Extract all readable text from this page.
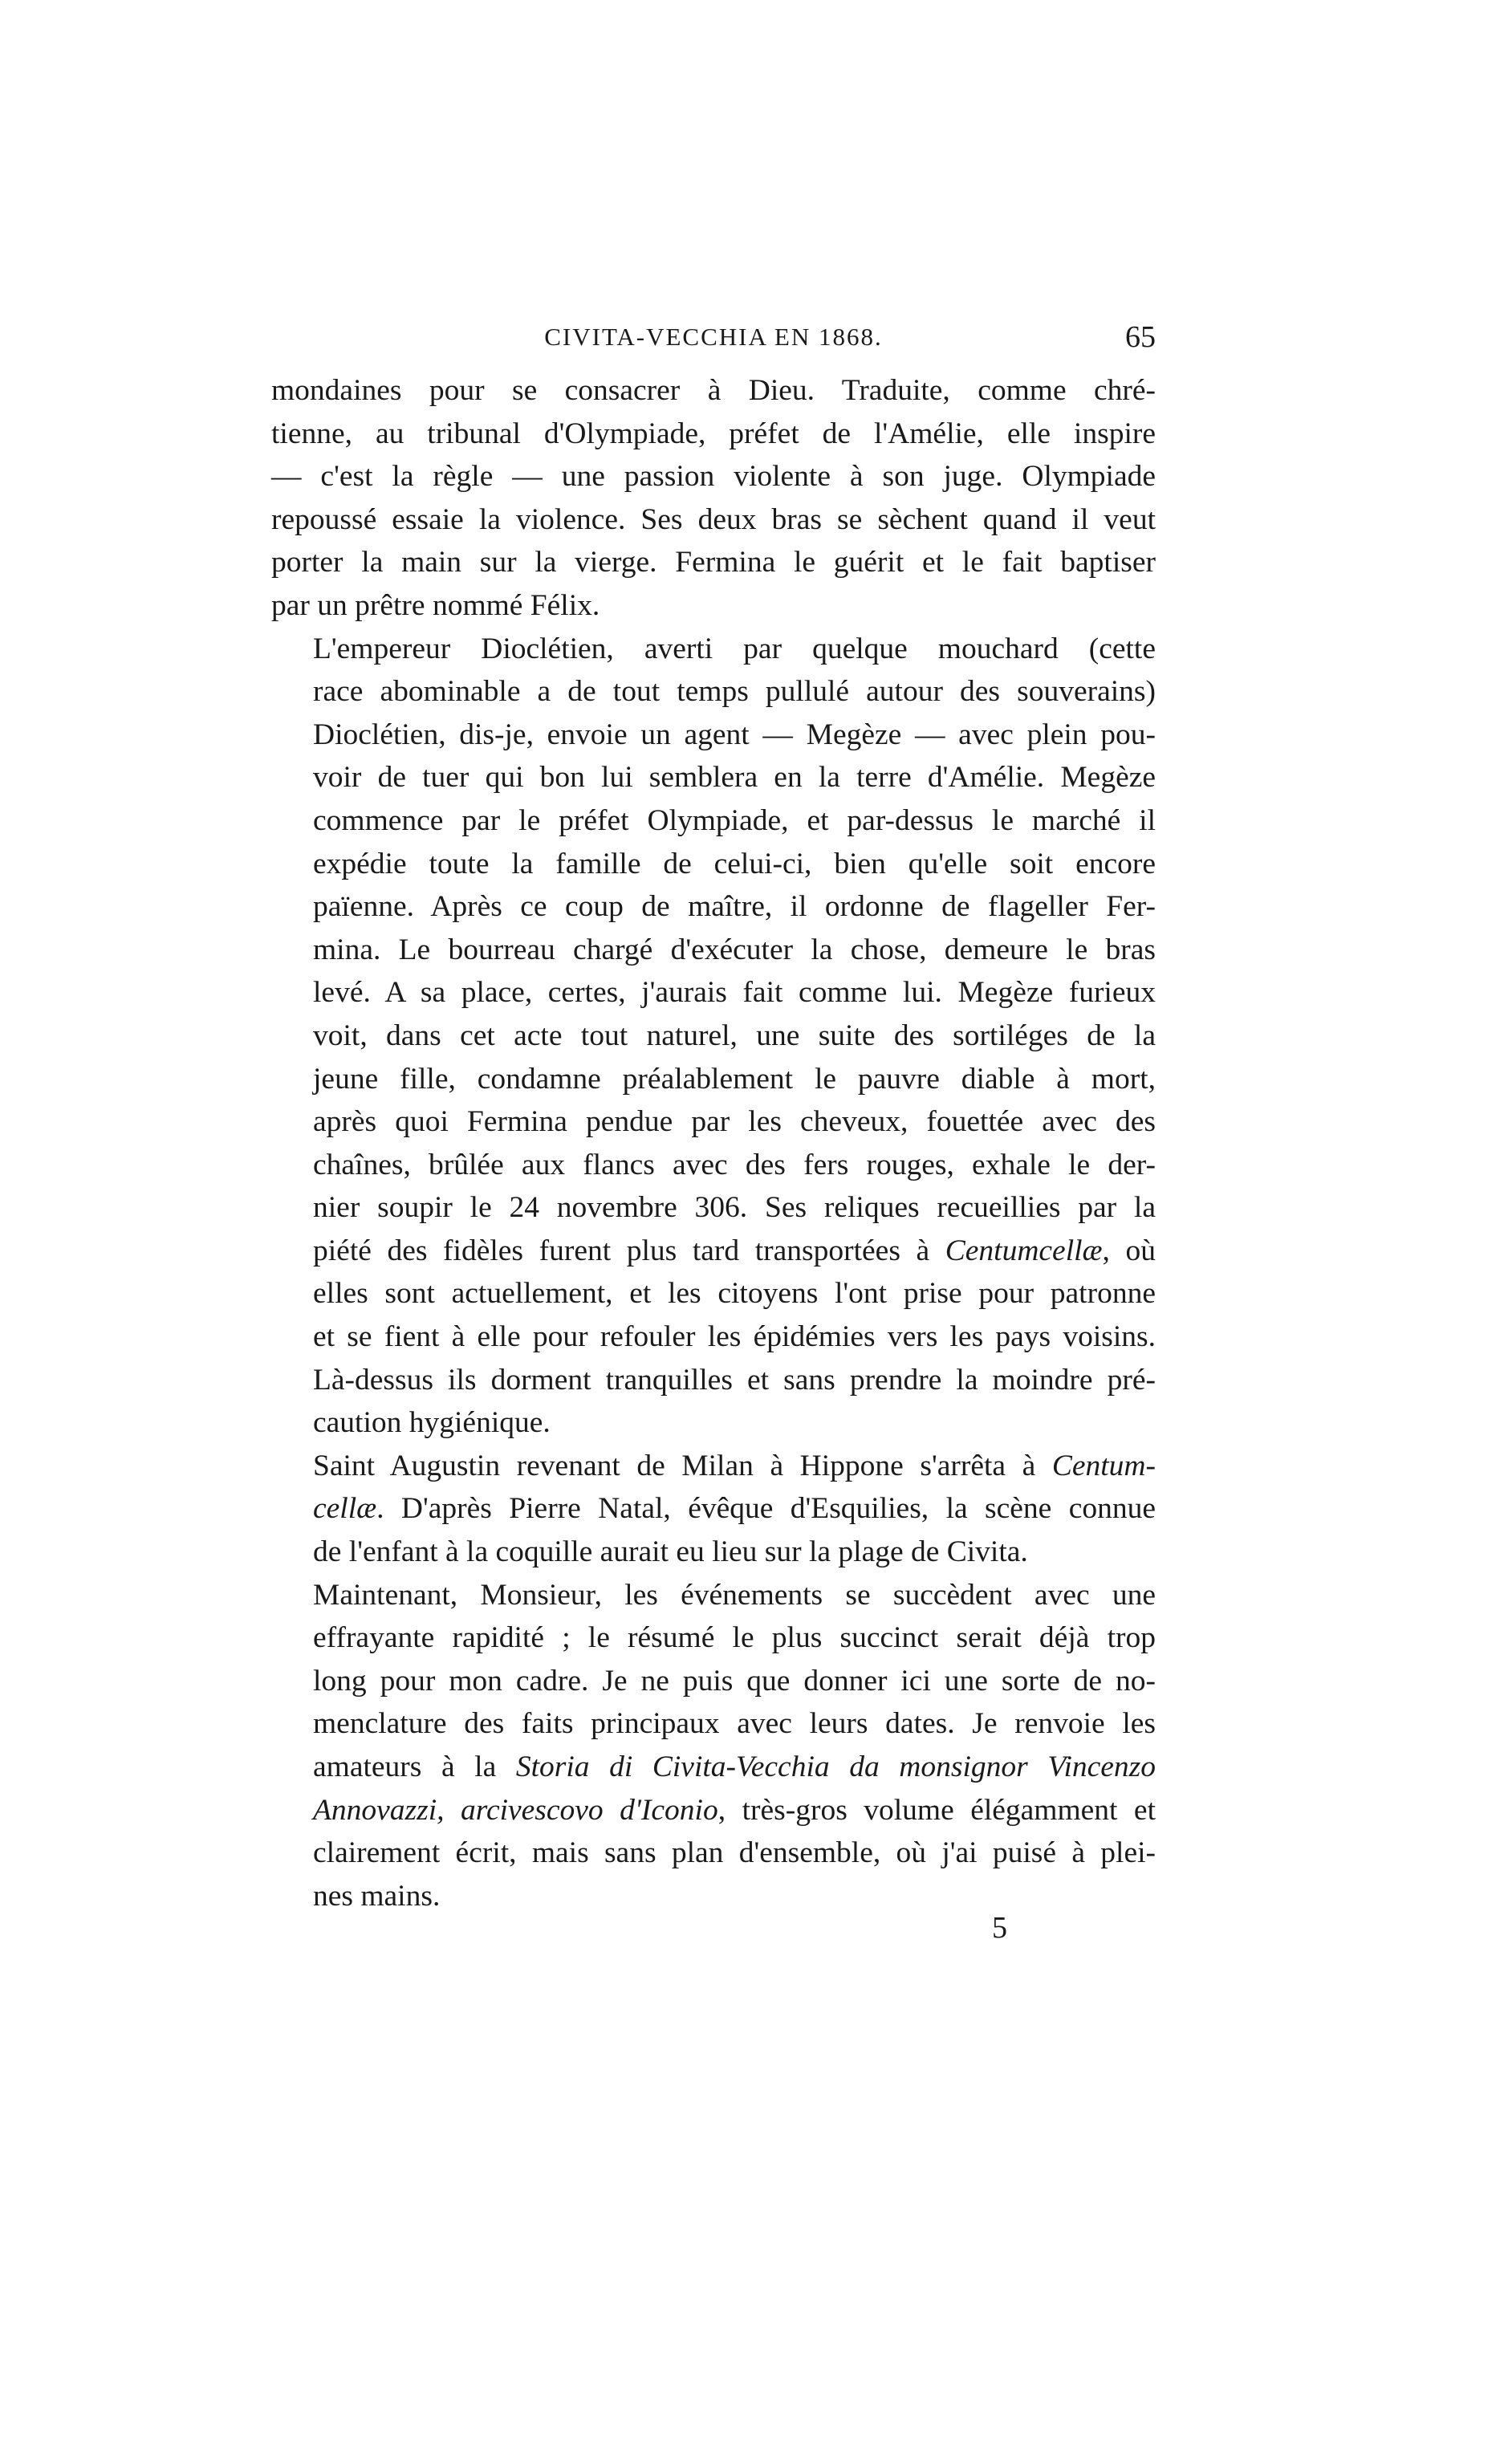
CIVITA-VECCHIA EN 1868.	65

mondaines pour se consacrer à Dieu. Traduite, comme chré-
tienne, au tribunal d'Olympiade, préfet de l'Amélie, elle inspire
— c'est la règle — une passion violente à son juge. Olympiade
repoussé essaie la violence. Ses deux bras se sèchent quand il veut
porter la main sur la vierge. Fermina le guérit et le fait baptiser
par un prêtre nommé Félix.

L'empereur Dioclétien, averti par quelque mouchard (cette
race abominable a de tout temps pullulé autour des souverains)
Dioclétien, dis-je, envoie un agent — Megèze — avec plein pou-
voir de tuer qui bon lui semblera en la terre d'Amélie. Megèze
commence par le préfet Olympiade, et par-dessus le marché il
expédie toute la famille de celui-ci, bien qu'elle soit encore
païenne. Après ce coup de maître, il ordonne de flageller Fer-
mina. Le bourreau chargé d'exécuter la chose, demeure le bras
levé. A sa place, certes, j'aurais fait comme lui. Megèze furieux
voit, dans cet acte tout naturel, une suite des sortiléges de la
jeune fille, condamne préalablement le pauvre diable à mort,
après quoi Fermina pendue par les cheveux, fouettée avec des
chaînes, brûlée aux flancs avec des fers rouges, exhale le der-
nier soupir le 24 novembre 306. Ses reliques recueillies par la
piété des fidèles furent plus tard transportées à Centumcellæ, où
elles sont actuellement, et les citoyens l'ont prise pour patronne
et se fient à elle pour refouler les épidémies vers les pays voisins.
Là-dessus ils dorment tranquilles et sans prendre la moindre pré-
caution hygiénique.

Saint Augustin revenant de Milan à Hippone s'arrêta à Centum-
cellæ. D'après Pierre Natal, évêque d'Esquilies, la scène connue
de l'enfant à la coquille aurait eu lieu sur la plage de Civita.

Maintenant, Monsieur, les événements se succèdent avec une
effrayante rapidité ; le résumé le plus succinct serait déjà trop
long pour mon cadre. Je ne puis que donner ici une sorte de no-
menclature des faits principaux avec leurs dates. Je renvoie les
amateurs à la Storia di Civita-Vecchia da monsignor Vincenzo
Annovazzi, arcivescovo d'Iconio, très-gros volume élégamment et
clairement écrit, mais sans plan d'ensemble, où j'ai puisé à plei-
nes mains.

5
